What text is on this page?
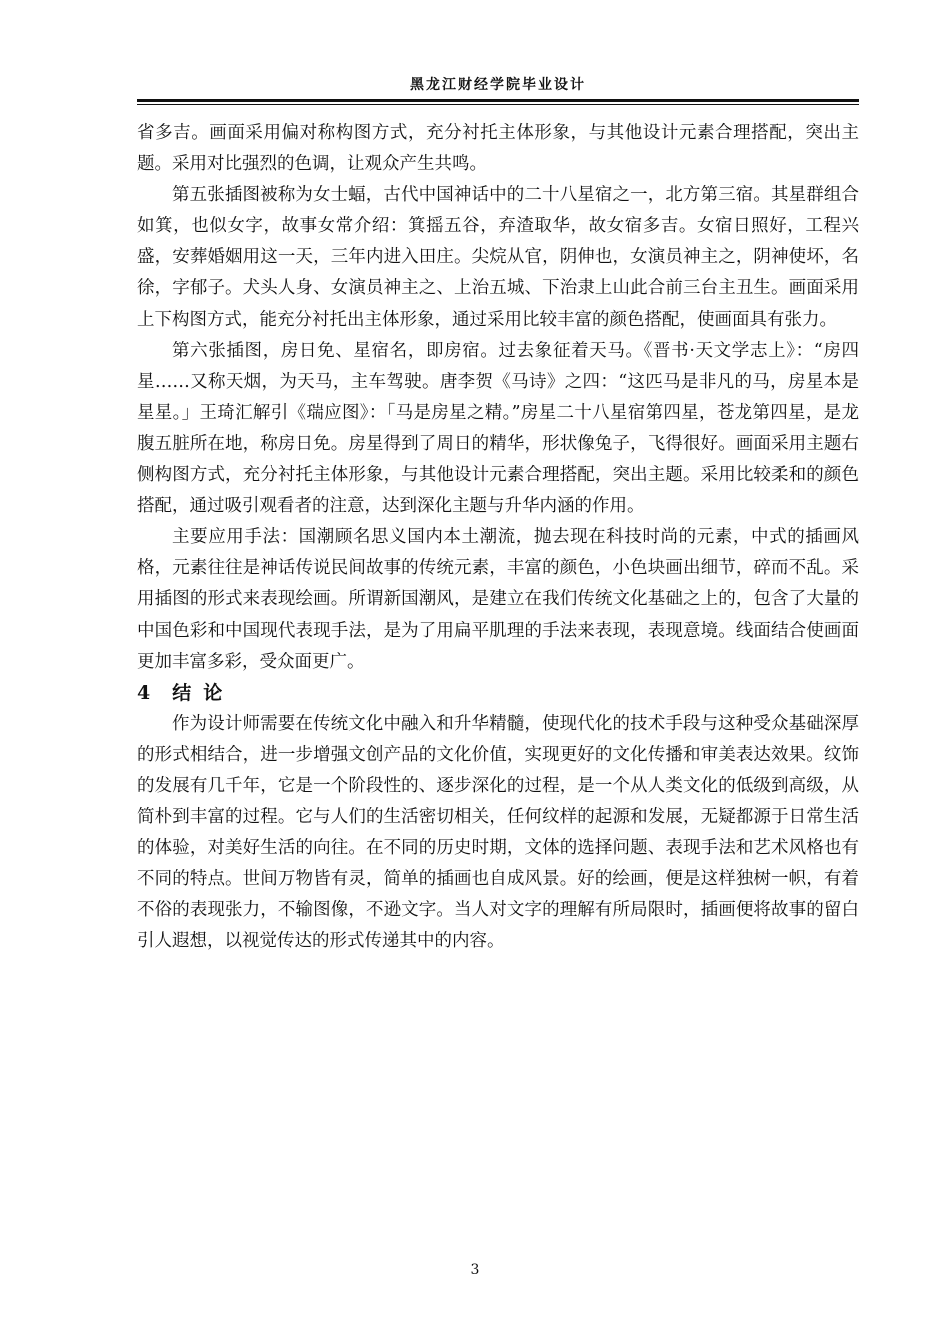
黑龙江财经学院毕业设计

省多吉。画面采用偏对称构图方式，充分衬托主体形象，与其他设计元素合理搭配，突出主题。采用对比强烈的色调，让观众产生共鸣。

第五张插图被称为女士蝠，古代中国神话中的二十八星宿之一，北方第三宿。其星群组合如箕，也似女字，故事女常介绍：箕摇五谷，弃渣取华，故女宿多吉。女宿日照好，工程兴盛，安葬婚姻用这一天，三年内进入田庄。尖烷从官，阴伸也，女演员神主之，阴神使坏，名徐，字郁子。犬头人身、女演员神主之、上治五城、下治隶上山此合前三台主丑生。画面采用上下构图方式，能充分衬托出主体形象，通过采用比较丰富的颜色搭配，使画面具有张力。

第六张插图，房日免、星宿名，即房宿。过去象征着天马。《晋书·天文学志上》：“房四星……又称天烟，为天马，主车驾驶。唐李贺《马诗》之四：“这匹马是非凡的马，房星本是星星。」王琦汇解引《瑞应图》：「马是房星之精。”房星二十八星宿第四星，苍龙第四星，是龙腹五脏所在地，称房日免。房星得到了周日的精华，形状像兔子，飞得很好。画面采用主题右侧构图方式，充分衬托主体形象，与其他设计元素合理搭配，突出主题。采用比较柔和的颜色搭配，通过吸引观看者的注意，达到深化主题与升华内涵的作用。

主要应用手法：国潮顾名思义国内本土潮流，抛去现在科技时尚的元素，中式的插画风格，元素往往是神话传说民间故事的传统元素，丰富的颜色，小色块画出细节，碎而不乱。采用插图的形式来表现绘画。所谓新国潮风，是建立在我们传统文化基础之上的，包含了大量的中国色彩和中国现代表现手法，是为了用扁平肌理的手法来表现，表现意境。线面结合使画面更加丰富多彩，受众面更广。

4 结 论

作为设计师需要在传统文化中融入和升华精髓，使现代化的技术手段与这种受众基础深厚的形式相结合，进一步增强文创产品的文化价值，实现更好的文化传播和审美表达效果。纹饰的发展有几千年，它是一个阶段性的、逐步深化的过程，是一个从人类文化的低级到高级，从简朴到丰富的过程。它与人们的生活密切相关，任何纹样的起源和发展，无疑都源于日常生活的体验，对美好生活的向往。在不同的历史时期，文体的选择问题、表现手法和艺术风格也有不同的特点。世间万物皆有灵，简单的插画也自成风景。好的绘画，便是这样独树一帜，有着不俗的表现张力，不输图像，不逊文字。当人对文字的理解有所局限时，插画便将故事的留白引人遐想，以视觉传达的形式传递其中的内容。

3
